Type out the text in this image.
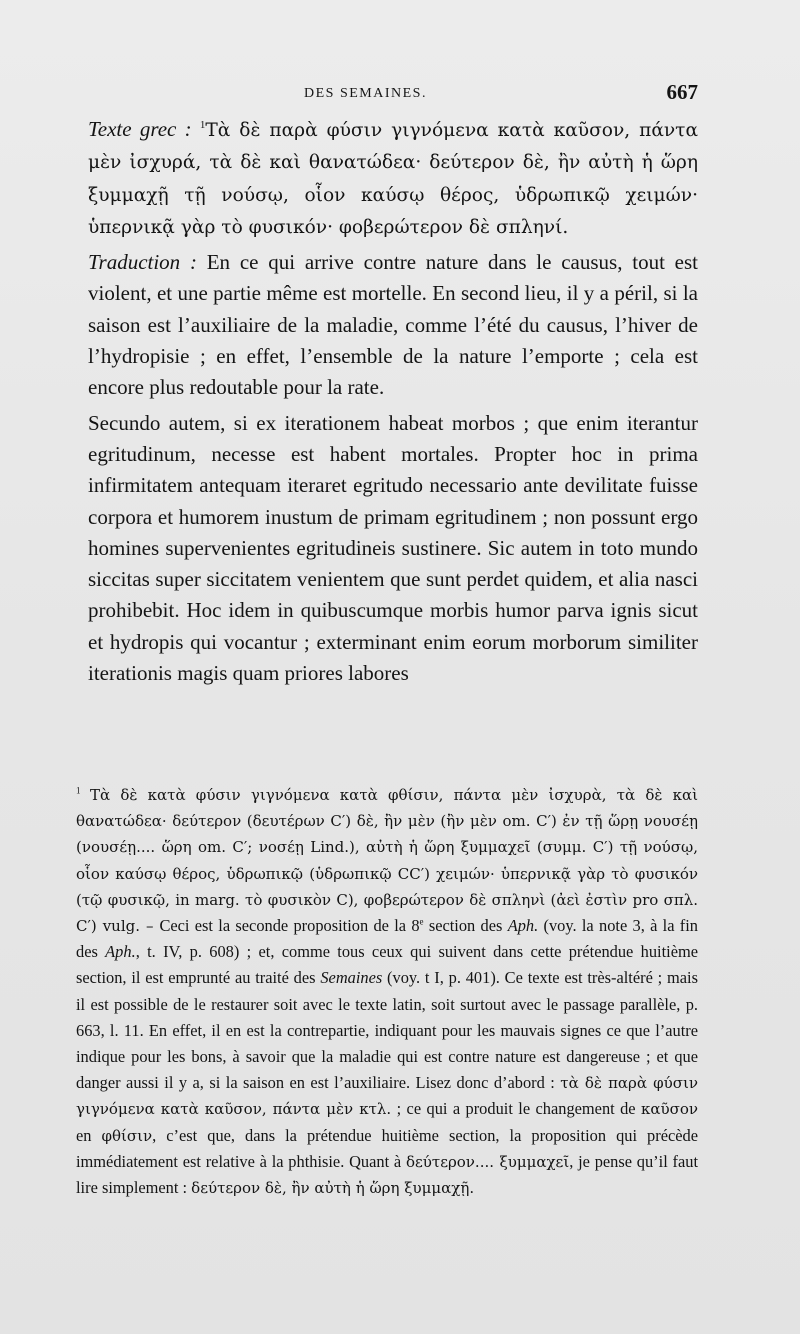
DES SEMAINES.	667

Texte grec : $^1$Τὰ δὲ παρὰ φύσιν γιγνόμενα κατὰ καῦσον, πάντα μὲν ἰσχυρά, τὰ δὲ καὶ θανατώδεα· δεύτερον δὲ, ἢν αὐτὴ ἡ ὥρη ξυμμαχῇ τῇ νούσῳ, οἷον καύσῳ θέρος, ὑδρωπικῷ χειμών· ὑπερνικᾷ γὰρ τὸ φυσικόν· φοβερώτερον δὲ σπληνί.

Traduction : En ce qui arrive contre nature dans le causus, tout est violent, et une partie même est mortelle. En second lieu, il y a péril, si la saison est l’auxiliaire de la maladie, comme l’été du causus, l’hiver de l’hydropisie ; en effet, l’ensemble de la nature l’emporte ; cela est encore plus redoutable pour la rate.

Secundo autem, si ex iterationem habeat morbos ; que enim iterantur egritudinum, necesse est habent mortales. Propter hoc in prima infirmitatem antequam iteraret egritudo necessario ante devilitate fuisse corpora et humorem inustum de primam egritudinem ; non possunt ergo homines supervenientes egritudineis sustinere. Sic autem in toto mundo siccitas super siccitatem venientem que sunt perdet quidem, et alia nasci prohibebit. Hoc idem in quibuscumque morbis humor parva ignis sicut et hydropis qui vocantur ; exterminant enim eorum morborum similiter iterationis magis quam priores labores

$^1$ Τὰ δὲ κατὰ φύσιν γιγνόμενα κατὰ φθίσιν, πάντα μὲν ἰσχυρὰ, τὰ δὲ καὶ θανατώδεα· δεύτερον (δευτέρων C′) δὲ, ἢν μὲν (ἢν μὲν om. C′) ἐν τῇ ὥρῃ νουσέῃ (νουσέῃ.... ὥρη om. C′; νοσέῃ Lind.), αὐτὴ ἡ ὥρη ξυμμαχεῖ (συμμ. C′) τῇ νούσῳ, οἷον καύσῳ θέρος, ὑδρωπικῷ (ὑδρωπικῷ CC′) χειμών· ὑπερνικᾷ γὰρ τὸ φυσικόν (τῷ φυσικῷ, in marg. τὸ φυσικὸν C), φοβερώτερον δὲ σπληνὶ (ἀεὶ ἐστὶν pro σπλ. C′) vulg. – Ceci est la seconde proposition de la 8e section des Aph. (voy. la note 3, à la fin des Aph., t. IV, p. 608) ; et, comme tous ceux qui suivent dans cette prétendue huitième section, il est emprunté au traité des Semaines (voy. t I, p. 401). Ce texte est très-altéré ; mais il est possible de le restaurer soit avec le texte latin, soit surtout avec le passage parallèle, p. 663, l. 11. En effet, il en est la contrepartie, indiquant pour les mauvais signes ce que l’autre indique pour les bons, à savoir que la maladie qui est contre nature est dangereuse ; et que danger aussi il y a, si la saison en est l’auxiliaire. Lisez donc d’abord : τὰ δὲ παρὰ φύσιν γιγνόμενα κατὰ καῦσον, πάντα μὲν κτλ. ; ce qui a produit le changement de καῦσον en φθίσιν, c’est que, dans la prétendue huitième section, la proposition qui précède immédiatement est relative à la phthisie. Quant à δεύτερον.... ξυμμαχεῖ, je pense qu’il faut lire simplement : δεύτερον δὲ, ἢν αὐτὴ ἡ ὥρη ξυμμαχῇ.
